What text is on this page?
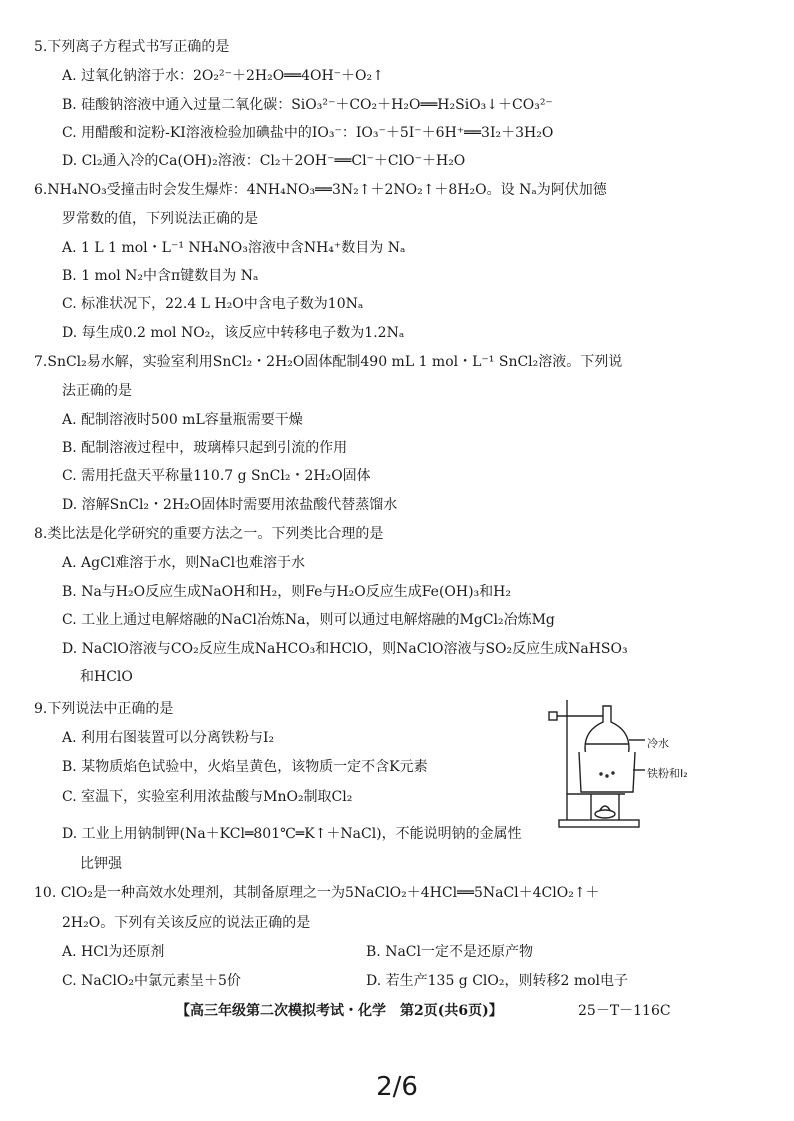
5.下列离子方程式书写正确的是
A. 过氧化钠溶于水：2O₂²⁻＋2H₂O══4OH⁻＋O₂↑
B. 硅酸钠溶液中通入过量二氧化碳：SiO₃²⁻＋CO₂＋H₂O══H₂SiO₃↓＋CO₃²⁻
C. 用醋酸和淀粉-KI溶液检验加碘盐中的IO₃⁻：IO₃⁻＋5I⁻＋6H⁺══3I₂＋3H₂O
D. Cl₂通入冷的Ca(OH)₂溶液：Cl₂＋2OH⁻══Cl⁻＋ClO⁻＋H₂O
6.NH₄NO₃受撞击时会发生爆炸：4NH₄NO₃══3N₂↑＋2NO₂↑＋8H₂O。设 Nₐ为阿伏加德
罗常数的值，下列说法正确的是
A. 1 L 1 mol・L⁻¹ NH₄NO₃溶液中含NH₄⁺数目为 Nₐ
B. 1 mol N₂中含π键数目为 Nₐ
C. 标准状况下，22.4 L H₂O中含电子数为10Nₐ
D. 每生成0.2 mol NO₂，该反应中转移电子数为1.2Nₐ
7.SnCl₂易水解，实验室利用SnCl₂・2H₂O固体配制490 mL 1 mol・L⁻¹ SnCl₂溶液。下列说
法正确的是
A. 配制溶液时500 mL容量瓶需要干燥
B. 配制溶液过程中，玻璃棒只起到引流的作用
C. 需用托盘天平称量110.7 g SnCl₂・2H₂O固体
D. 溶解SnCl₂・2H₂O固体时需要用浓盐酸代替蒸馏水
8.类比法是化学研究的重要方法之一。下列类比合理的是
A. AgCl难溶于水，则NaCl也难溶于水
B. Na与H₂O反应生成NaOH和H₂，则Fe与H₂O反应生成Fe(OH)₃和H₂
C. 工业上通过电解熔融的NaCl冶炼Na，则可以通过电解熔融的MgCl₂冶炼Mg
D. NaClO溶液与CO₂反应生成NaHCO₃和HClO，则NaClO溶液与SO₂反应生成NaHSO₃
和HClO
9.下列说法中正确的是
A. 利用右图装置可以分离铁粉与I₂
B. 某物质焰色试验中，火焰呈黄色，该物质一定不含K元素
C. 室温下，实验室利用浓盐酸与MnO₂制取Cl₂
D. 工业上用钠制钾(Na＋KCl═801℃═K↑＋NaCl)，不能说明钠的金属性
比钾强
冷水
铁粉和I₂
10. ClO₂是一种高效水处理剂，其制备原理之一为5NaClO₂＋4HCl══5NaCl＋4ClO₂↑＋
2H₂O。下列有关该反应的说法正确的是
A. HCl为还原剂	B. NaCl一定不是还原产物
C. NaClO₂中氯元素呈＋5价	D. 若生产135 g ClO₂，则转移2 mol电子
【高三年级第二次模拟考试・化学　第2页(共6页)】	25－T－116C
2/6
